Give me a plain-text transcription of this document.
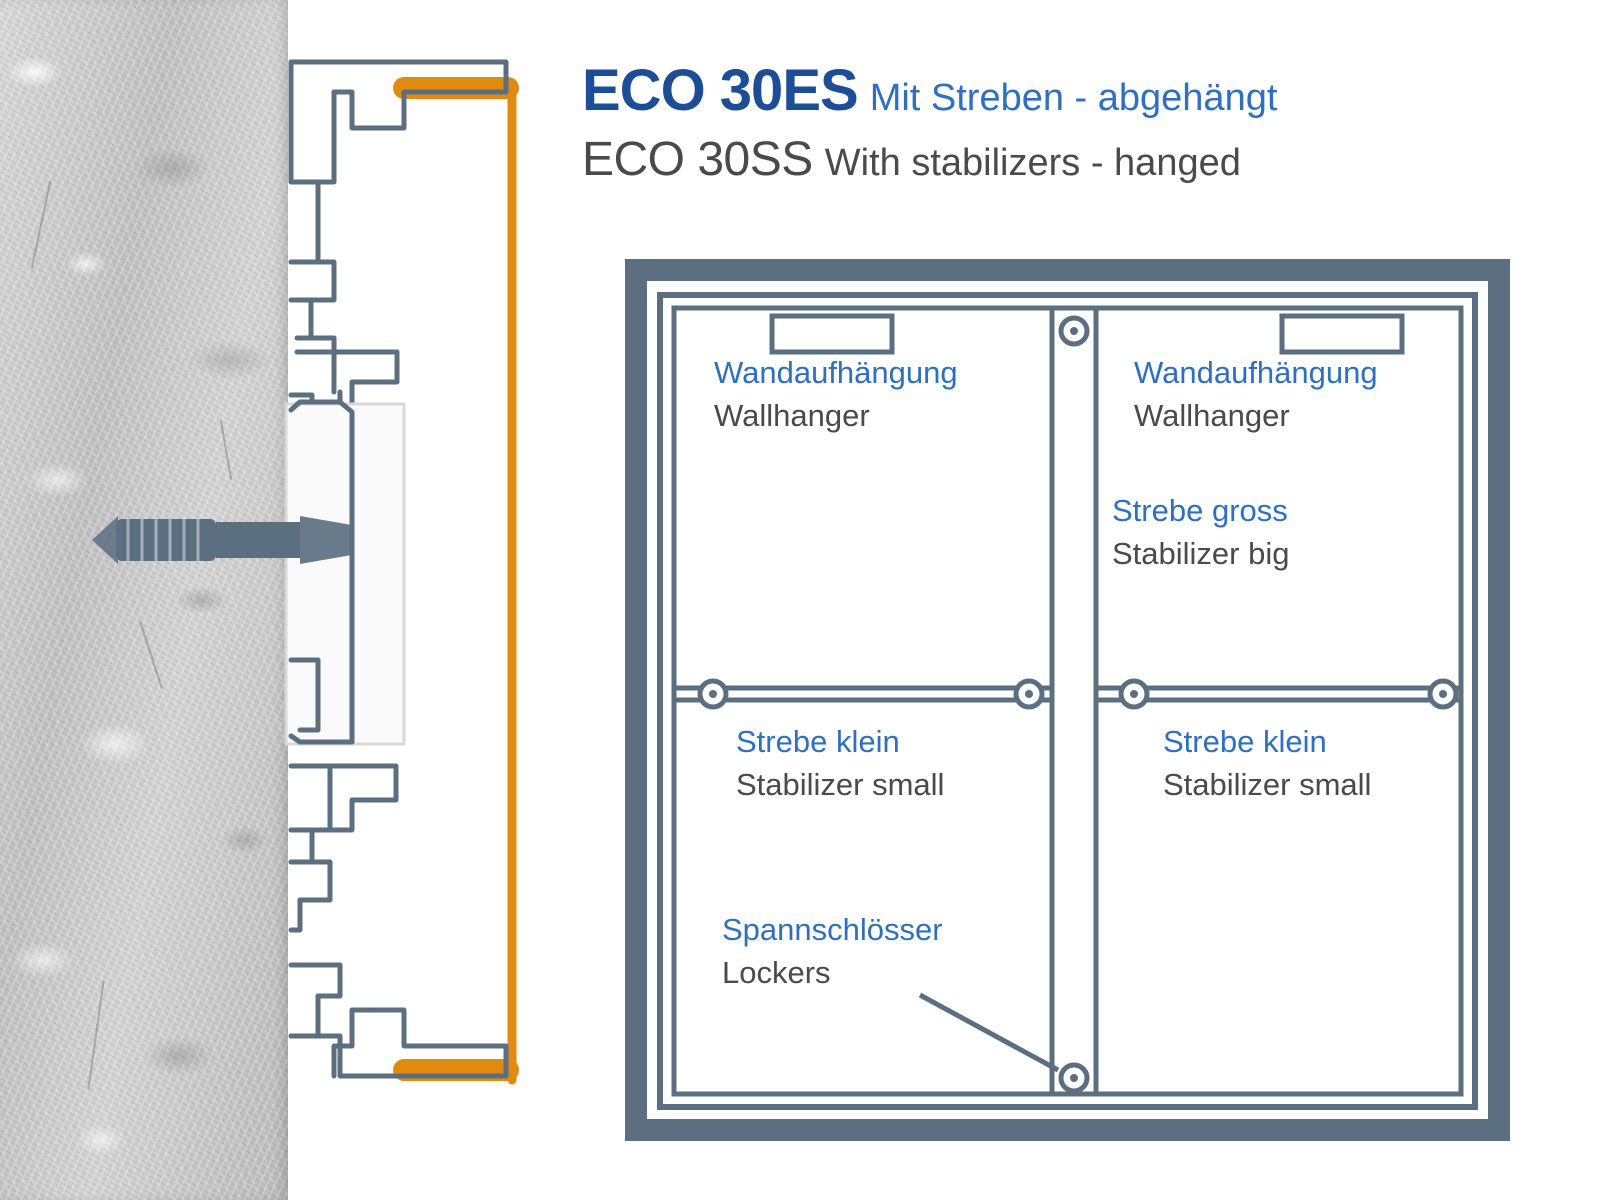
ECO 30ES Mit Streben - abgehängt
ECO 30SS With stabilizers - hanged
Wandaufhängung
Wallhanger
Wandaufhängung
Wallhanger
Strebe gross
Stabilizer big
Strebe klein
Stabilizer small
Strebe klein
Stabilizer small
Spannschlösser
Lockers
